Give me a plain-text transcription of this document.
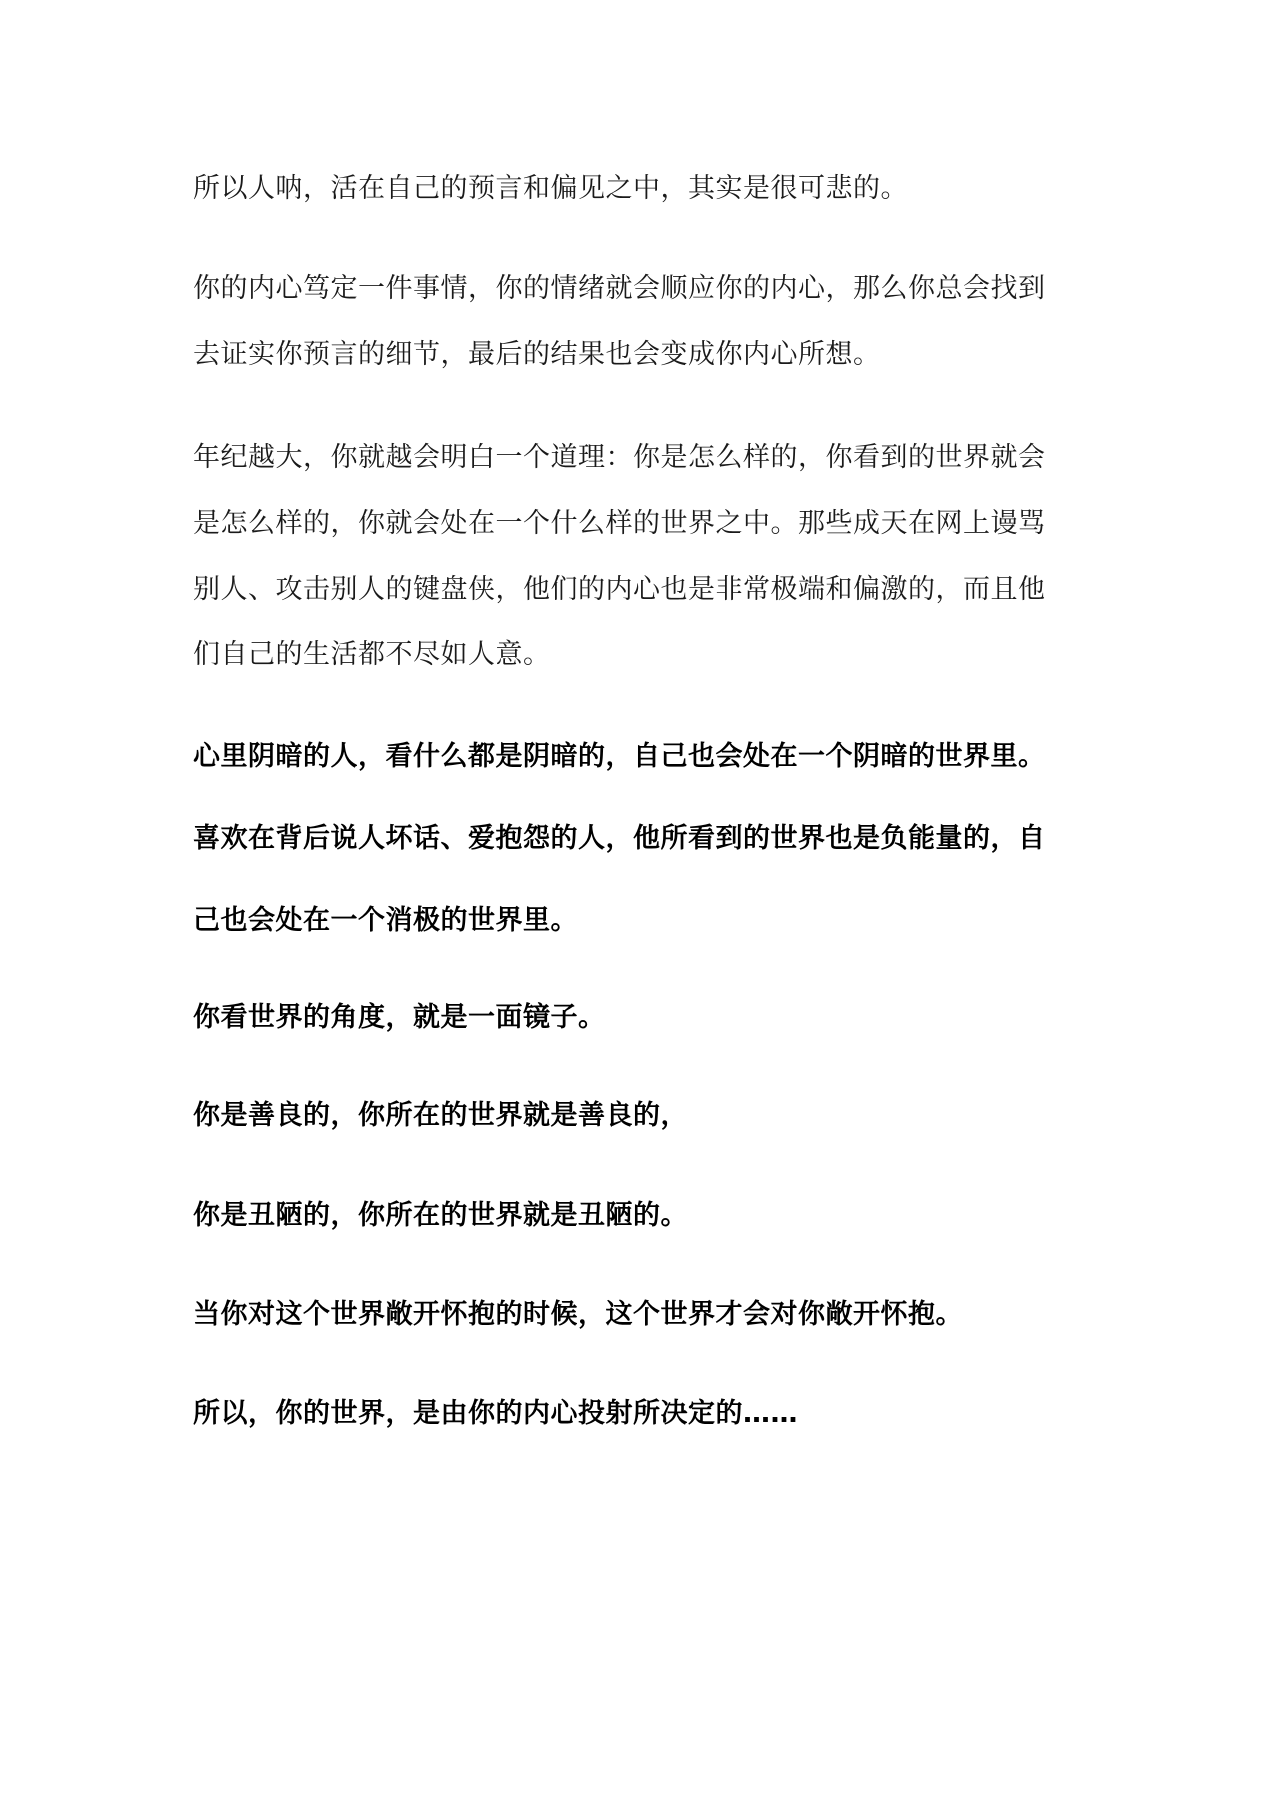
所以人呐，活在自己的预言和偏见之中，其实是很可悲的。
你的内心笃定一件事情，你的情绪就会顺应你的内心，那么你总会找到
去证实你预言的细节，最后的结果也会变成你内心所想。
年纪越大，你就越会明白一个道理：你是怎么样的，你看到的世界就会
是怎么样的，你就会处在一个什么样的世界之中。那些成天在网上谩骂
别人、攻击别人的键盘侠，他们的内心也是非常极端和偏激的，而且他
们自己的生活都不尽如人意。
心里阴暗的人，看什么都是阴暗的，自己也会处在一个阴暗的世界里。
喜欢在背后说人坏话、爱抱怨的人，他所看到的世界也是负能量的，自
己也会处在一个消极的世界里。
你看世界的角度，就是一面镜子。
你是善良的，你所在的世界就是善良的，
你是丑陋的，你所在的世界就是丑陋的。
当你对这个世界敞开怀抱的时候，这个世界才会对你敞开怀抱。
所以，你的世界，是由你的内心投射所决定的……
